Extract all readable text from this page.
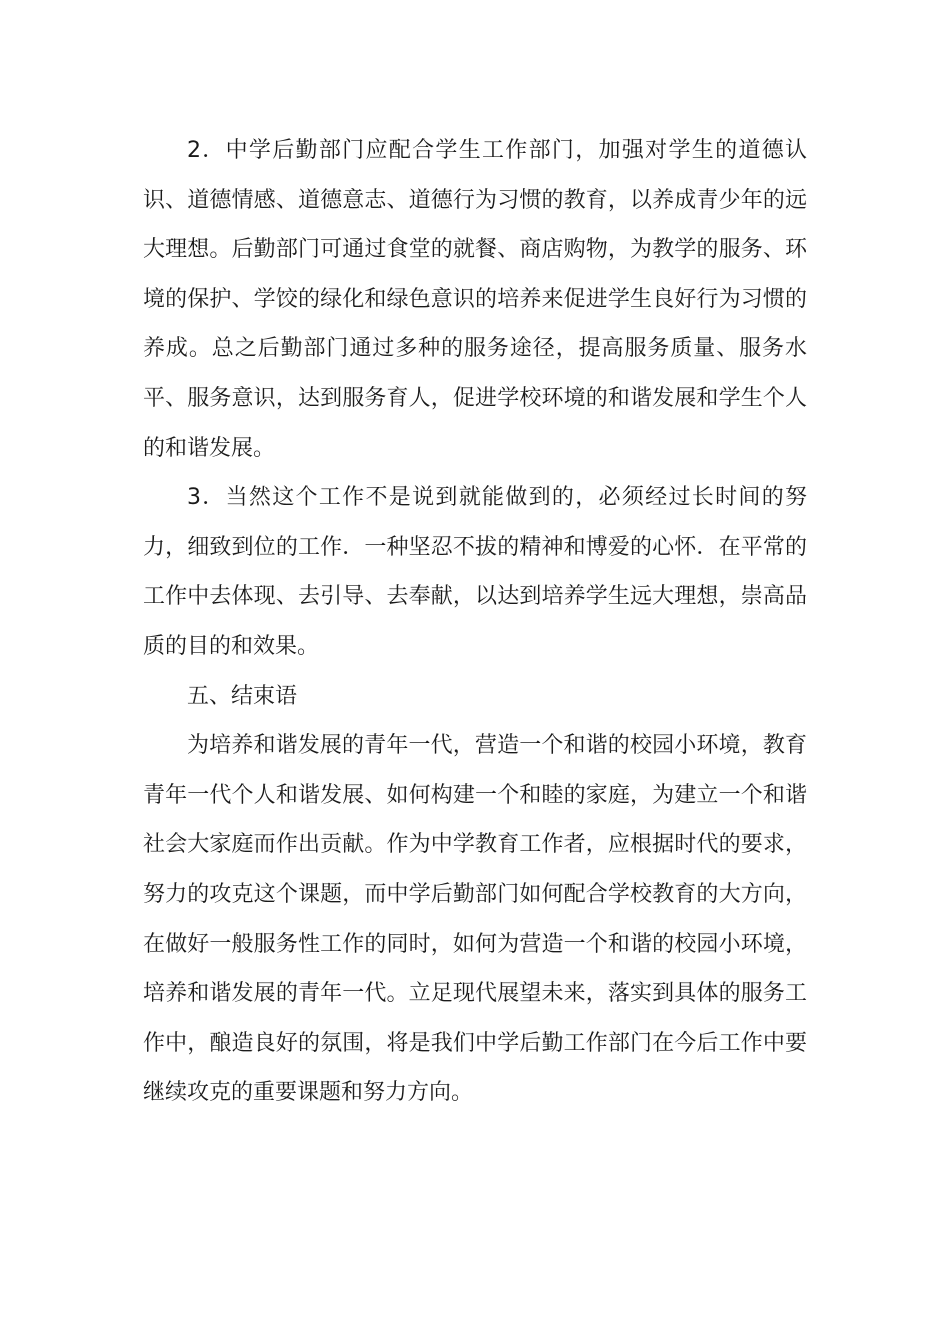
2．中学后勤部门应配合学生工作部门，加强对学生的道德认识、道德情感、道德意志、道德行为习惯的教育，以养成青少年的远大理想。后勤部门可通过食堂的就餐、商店购物，为教学的服务、环境的保护、学饺的绿化和绿色意识的培养来促进学生良好行为习惯的养成。总之后勤部门通过多种的服务途径，提高服务质量、服务水平、服务意识，达到服务育人，促进学校环境的和谐发展和学生个人的和谐发展。

3．当然这个工作不是说到就能做到的，必须经过长时间的努力，细致到位的工作．一种坚忍不拔的精神和博爱的心怀．在平常的工作中去体现、去引导、去奉献，以达到培养学生远大理想，崇高品质的目的和效果。

五、结束语

为培养和谐发展的青年一代，营造一个和谐的校园小环境，教育青年一代个人和谐发展、如何构建一个和睦的家庭，为建立一个和谐社会大家庭而作出贡献。作为中学教育工作者，应根据时代的要求，努力的攻克这个课题，而中学后勤部门如何配合学校教育的大方向，在做好一般服务性工作的同时，如何为营造一个和谐的校园小环境，培养和谐发展的青年一代。立足现代展望未来，落实到具体的服务工作中，酿造良好的氛围，将是我们中学后勤工作部门在今后工作中要继续攻克的重要课题和努力方向。
